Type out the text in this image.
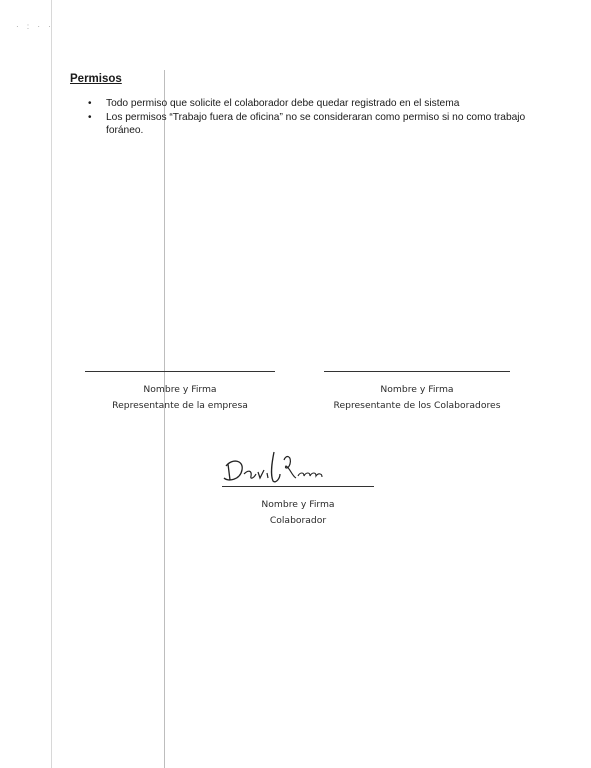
· : · ·
Permisos
• Todo permiso que solicite el colaborador debe quedar registrado en el sistema
• Los permisos “Trabajo fuera de oficina” no se consideraran como permiso si no como trabajo foráneo.
Nombre y Firma
Representante de la empresa
Nombre y Firma
Representante de los Colaboradores
Nombre y Firma
Colaborador
